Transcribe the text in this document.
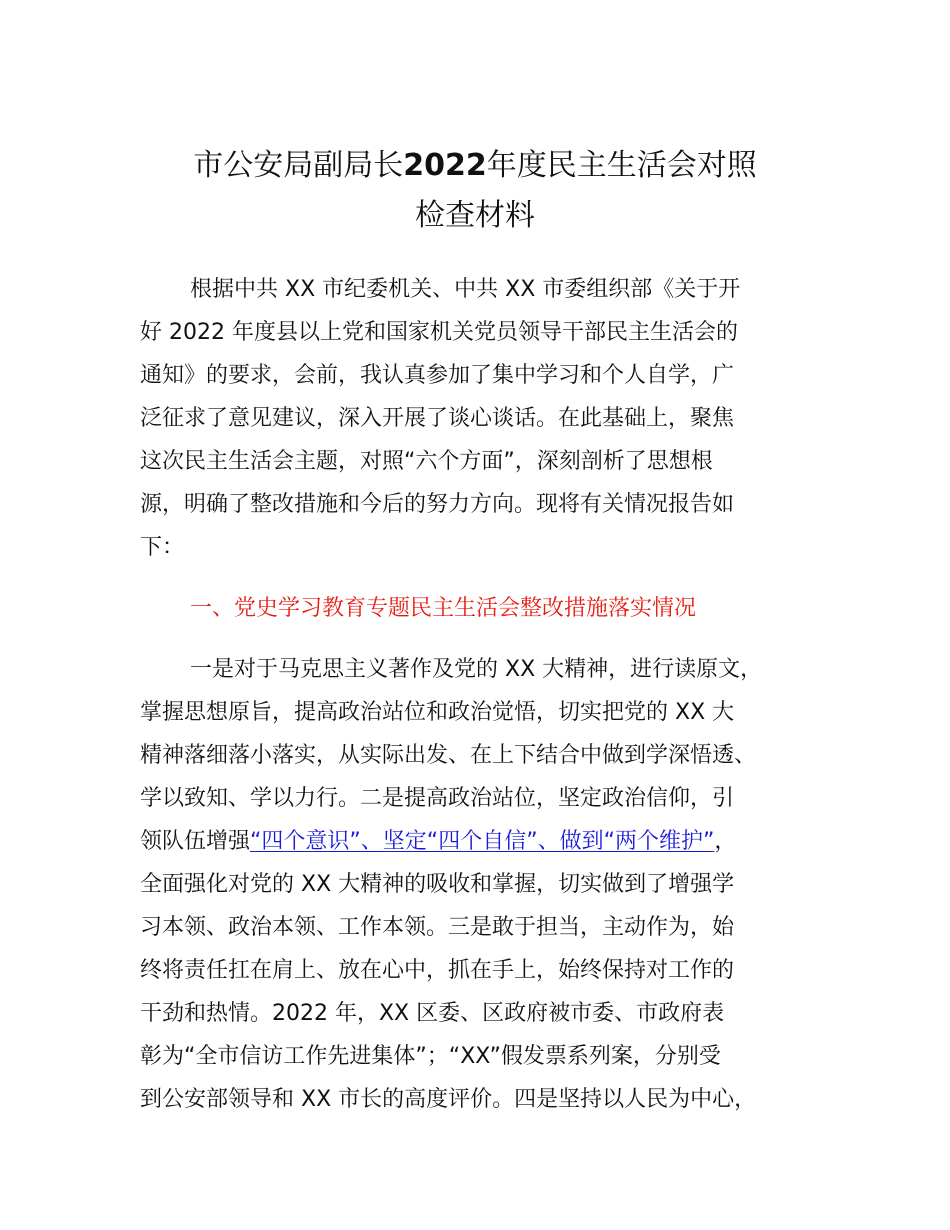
市公安局副局长2022年度民主生活会对照
检查材料
根据中共 XX 市纪委机关、中共 XX 市委组织部《关于开
好 2022 年度县以上党和国家机关党员领导干部民主生活会的
通知》的要求，会前，我认真参加了集中学习和个人自学，广
泛征求了意见建议，深入开展了谈心谈话。在此基础上，聚焦
这次民主生活会主题，对照“六个方面”，深刻剖析了思想根
源，明确了整改措施和今后的努力方向。现将有关情况报告如
下：
一、党史学习教育专题民主生活会整改措施落实情况
一是对于马克思主义著作及党的 XX 大精神，进行读原文，
掌握思想原旨，提高政治站位和政治觉悟，切实把党的 XX 大
精神落细落小落实，从实际出发、在上下结合中做到学深悟透、
学以致知、学以力行。二是提高政治站位，坚定政治信仰，引
领队伍增强“四个意识”、坚定“四个自信”、做到“两个维护”，
全面强化对党的 XX 大精神的吸收和掌握，切实做到了增强学
习本领、政治本领、工作本领。三是敢于担当，主动作为，始
终将责任扛在肩上、放在心中，抓在手上，始终保持对工作的
干劲和热情。2022 年，XX 区委、区政府被市委、市政府表
彰为“全市信访工作先进集体”；“XX”假发票系列案，分别受
到公安部领导和 XX 市长的高度评价。四是坚持以人民为中心，
